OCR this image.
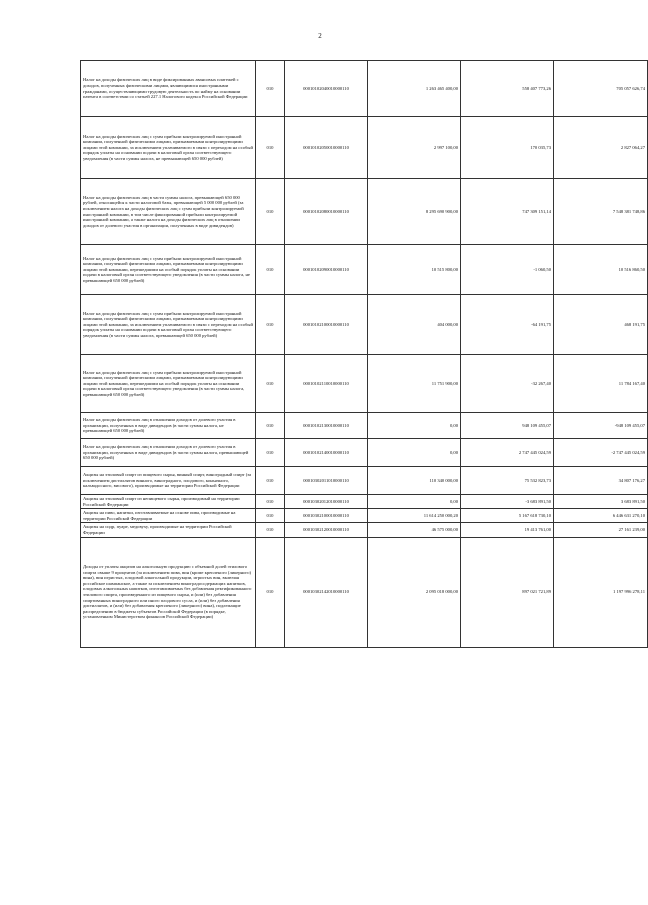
2
Налог на доходы физических лиц в виде фиксированных авансовых платежей с доходов, полученных физическими лицами, являющимися иностранными гражданами, осуществляющими трудовую деятельность по найму на основании патента в соответствии со статьей 227.1 Налогового кодекса Российской Федерации	010	00010102040010000110	1 263 465 400,00	558 407 773,26	705 057 626,74
Налог на доходы физических лиц с сумм прибыли контролируемой иностранной компании, полученной физическими лицами, признаваемыми контролирующими лицами этой компании, за исключением уплачиваемого в связи с переходом на особый порядок уплаты на основании подачи в налоговый орган соответствующего уведомления (в части суммы налога, не превышающей 650 000 рублей)	010	00010102050010000110	2 997 100,00	170 035,73	2 827 064,27
Налог на доходы физических лиц в части суммы налога, превышающей 650 000 рублей, относящейся к части налоговой базы, превышающей 5 000 000 рублей (за исключением налога на доходы физических лиц с сумм прибыли контролируемой иностранной компании, в том числе фиксированной прибыли контролируемой иностранной компании, а также налога на доходы физических лиц в отношении доходов от долевого участия в организации, полученных в виде дивидендов)	010	00010102080010000110	8 295 690 900,00	747 309 151,14	7 548 381 748,86
Налог на доходы физических лиц с сумм прибыли контролируемой иностранной компании, полученной физическими лицами, признаваемыми контролирующими лицами этой компании, перешедшими на особый порядок уплаты на основании подачи в налоговый орган соответствующего уведомления (в части суммы налога, не превышающей 650 000 рублей)	010	00010102090010000110	10 515 800,00	-1 060,50	10 516 860,50
Налог на доходы физических лиц с сумм прибыли контролируемой иностранной компании, полученной физическими лицами, признаваемыми контролирующими лицами этой компании, за исключением уплачиваемого в связи с переходом на особый порядок уплаты на основании подачи в налоговый орган соответствующего уведомления (в части суммы налога, превышающей 650 000 рублей)	010	00010102100010000110	404 000,00	-64 191,75	468 191,75
Налог на доходы физических лиц с сумм прибыли контролируемой иностранной компании, полученной физическими лицами, признаваемыми контролирующими лицами этой компании, перешедшими на особый порядок уплаты на основании подачи в налоговый орган соответствующего уведомления (в части суммы налога, превышающей 650 000 рублей)	010	00010102110010000110	11 751 900,00	-32 267,40	11 784 167,40
Налог на доходы физических лиц в отношении доходов от долевого участия в организации, полученных в виде дивидендов (в части суммы налога, не превышающей 650 000 рублей)	010	00010102130010000110	0,00	948 109 455,07	-948 109 455,07
Налог на доходы физических лиц в отношении доходов от долевого участия в организации, полученных в виде дивидендов (в части суммы налога, превышающей 650 000 рублей)	010	00010102140010000110	0,00	2 747 445 024,59	-2 747 445 024,59
Акцизы на этиловый спирт из пищевого сырья, винный спирт, виноградный спирт (за исключением дистиллятов винного, виноградного, плодового, коньячного, кальвадосного, висового), производимые на территории Российской Федерации	010	00010302011010000110	110 340 000,00	75 532 823,73	34 807 176,27
Акцизы на этиловый спирт из непищевого сырья, производимый на территории Российской Федерации	010	00010302012010000110	0,00	-3 683 891,50	3 683 891,50
Акцизы на пиво, напитки, изготавливаемые на основе пива, производимые на территории Российской Федерации	010	00010302100010000110	11 614 250 000,20	5 167 618 730,10	6 446 631 270,10
Акцизы на сидр, пуаре, медовуху, производимые на территории Российской Федерации	010	00010302120010000110	46 575 000,00	19 413 761,00	27 161 239,00
Доходы от уплаты акцизов на алкогольную продукцию с объемной долей этилового спирта свыше 9 процентов (за исключением пива, вин (кроме крепленого (ликерного) вина), вин игристых, плодовой алкогольной продукции, игристых вин, включая российское шампанское, а также за исключением виноградосодержащих напитков, плодовых алкогольных напитков, изготавливаемых без добавления ректификованного этилового спирта, произведенного из пищевого сырья, и (или) без добавления спиртованных виноградного или иного плодового сусла, и (или) без добавления дистиллятов, и (или) без добавления крепленого (ликерного) вина), подлежащие распределению в бюджеты субъектов Российской Федерации (в порядке, установленном Министерством финансов Российской Федерации)	010	00010302142010000110	2 095 018 000,00	897 021 721,89	1 197 996 278,11
